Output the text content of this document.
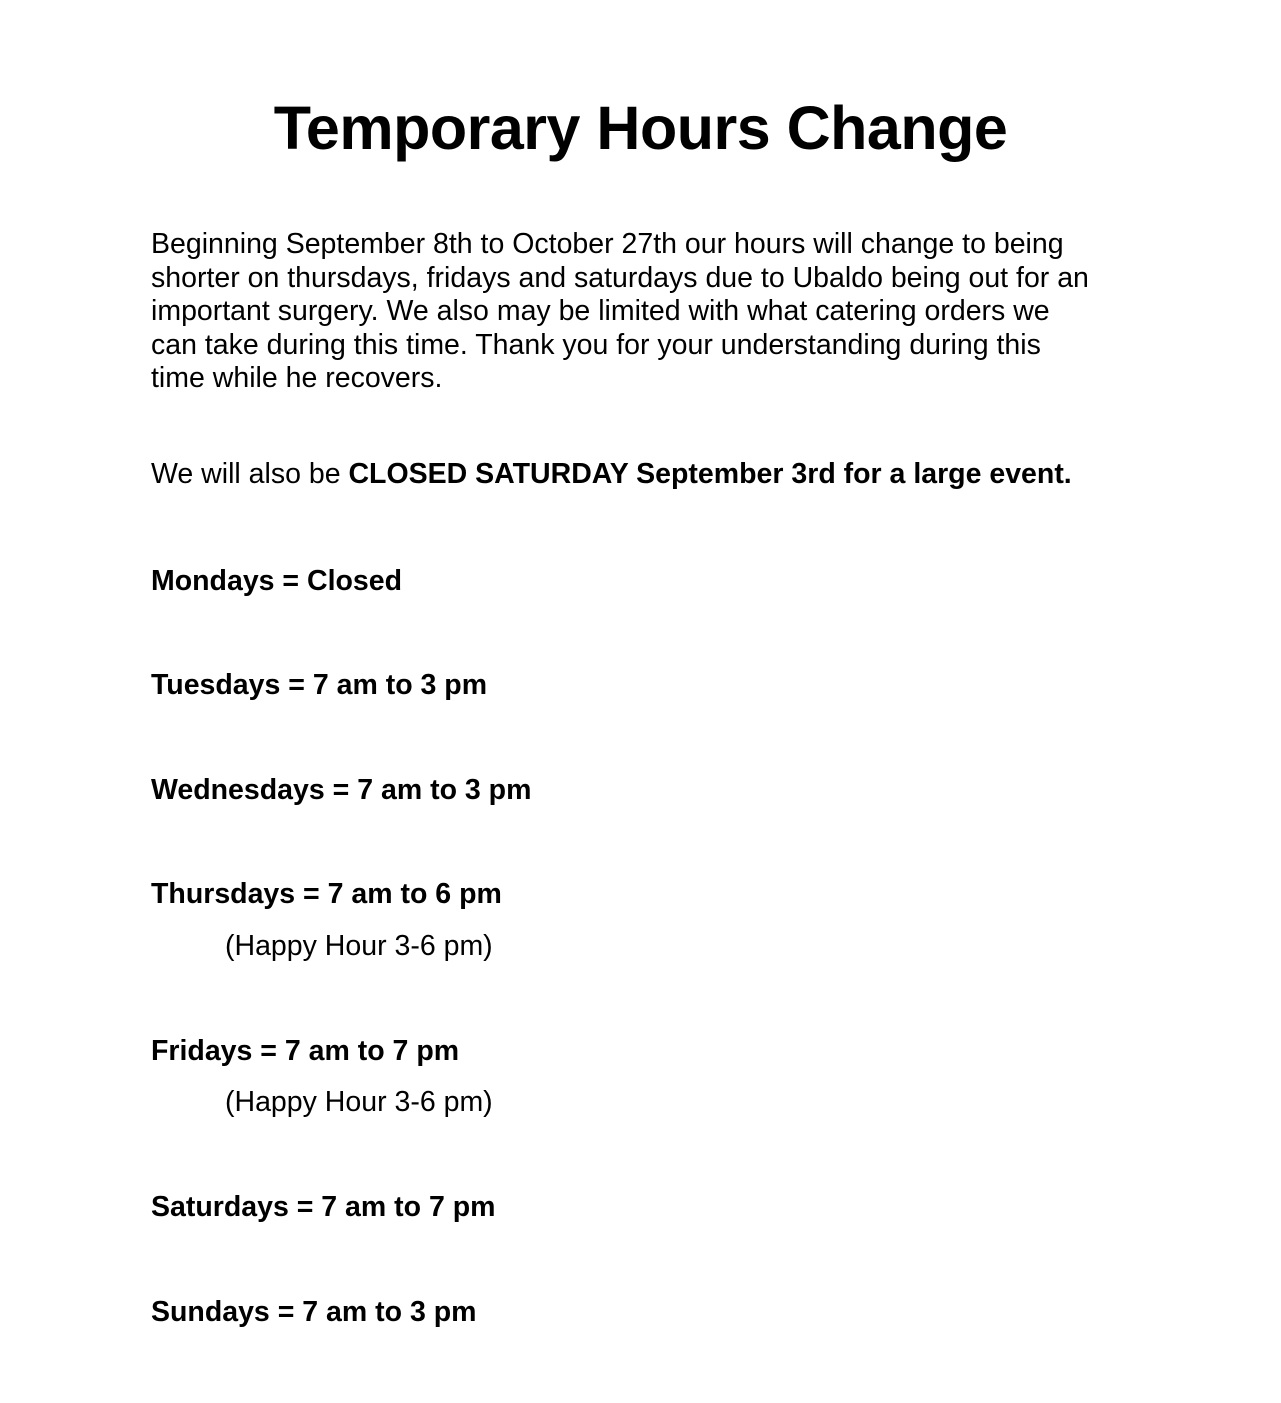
Temporary Hours Change

Beginning September 8th to October 27th our hours will change to being
shorter on thursdays, fridays and saturdays due to Ubaldo being out for an
important surgery. We also may be limited with what catering orders we
can take during this time. Thank you for your understanding during this
time while he recovers.

We will also be CLOSED SATURDAY September 3rd for a large event.

Mondays = Closed

Tuesdays = 7 am to 3 pm

Wednesdays = 7 am to 3 pm

Thursdays = 7 am to 6 pm

(Happy Hour 3-6 pm)

Fridays = 7 am to 7 pm

(Happy Hour 3-6 pm)

Saturdays = 7 am to 7 pm

Sundays = 7 am to 3 pm
